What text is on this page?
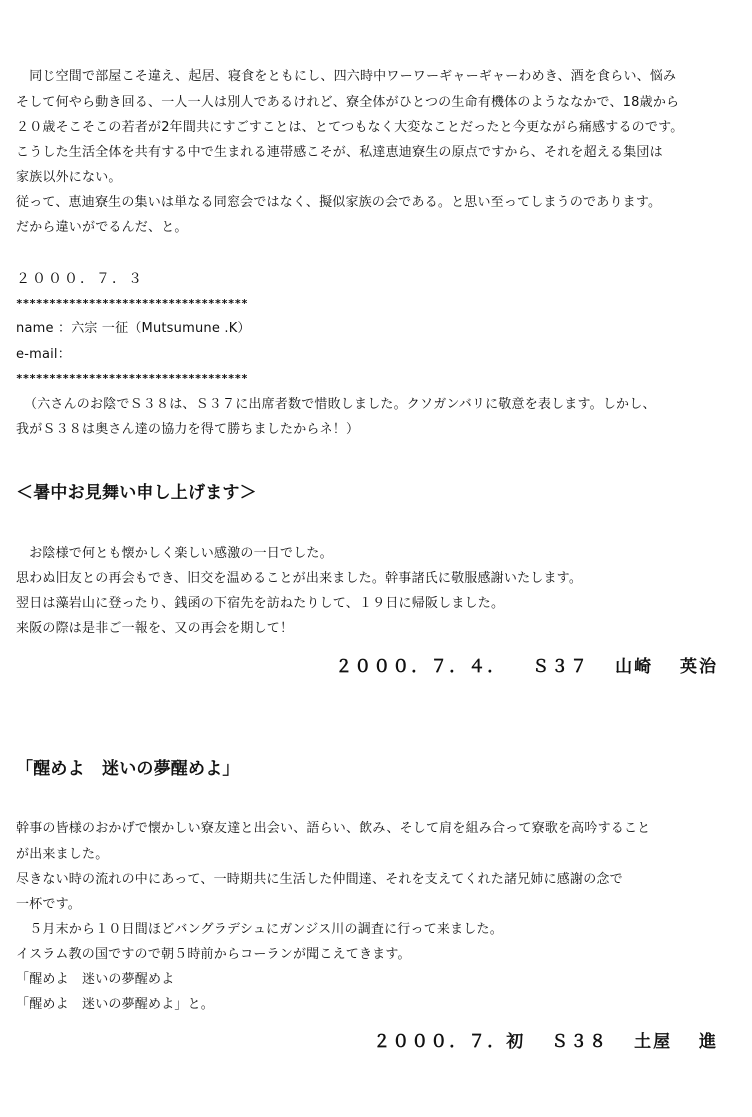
　同じ空間で部屋こそ違え、起居、寝食をともにし、四六時中ワーワーギャーギャーわめき、酒を食らい、悩み
そして何やら動き回る、一人一人は別人であるけれど、寮全体がひとつの生命有機体のようななかで、18歳から
２０歳そこそこの若者が2年間共にすごすことは、とてつもなく大変なことだったと今更ながら痛感するのです。
こうした生活全体を共有する中で生まれる連帯感こそが、私達恵迪寮生の原点ですから、それを超える集団は
家族以外にない。
従って、恵迪寮生の集いは単なる同窓会ではなく、擬似家族の会である。と思い至ってしまうのであります。
だから違いがでるんだ、と。
２０００．７．３
***********************************
name ：六宗 一征（Mutsumune .K）
e-mail：
***********************************
（六さんのお陰でＳ３８は、Ｓ３７に出席者数で惜敗しました。クソガンバリに敬意を表します。しかし、
我がＳ３８は奥さん達の協力を得て勝ちましたからネ！）
＜暑中お見舞い申し上げます＞
　お陰様で何とも懐かしく楽しい感激の一日でした。
思わぬ旧友との再会もでき、旧交を温めることが出来ました。幹事諸氏に敬服感謝いたします。
翌日は藻岩山に登ったり、銭函の下宿先を訪ねたりして、１９日に帰阪しました。
来阪の際は是非ご一報を、又の再会を期して！
２０００．７．４． Ｓ３７ 山崎　 英治
「醒めよ　迷いの夢醒めよ」
幹事の皆様のおかげで懐かしい寮友達と出会い、語らい、飲み、そして肩を組み合って寮歌を高吟すること
が出来ました。
尽きない時の流れの中にあって、一時期共に生活した仲間達、それを支えてくれた諸兄姉に感謝の念で
一杯です。
　５月末から１０日間ほどバングラデシュにガンジス川の調査に行って来ました。
イスラム教の国ですので朝５時前からコーランが聞こえてきます。
「醒めよ　迷いの夢醒めよ
「醒めよ　迷いの夢醒めよ」と。
２０００．７．初 Ｓ３８ 土屋　 進
